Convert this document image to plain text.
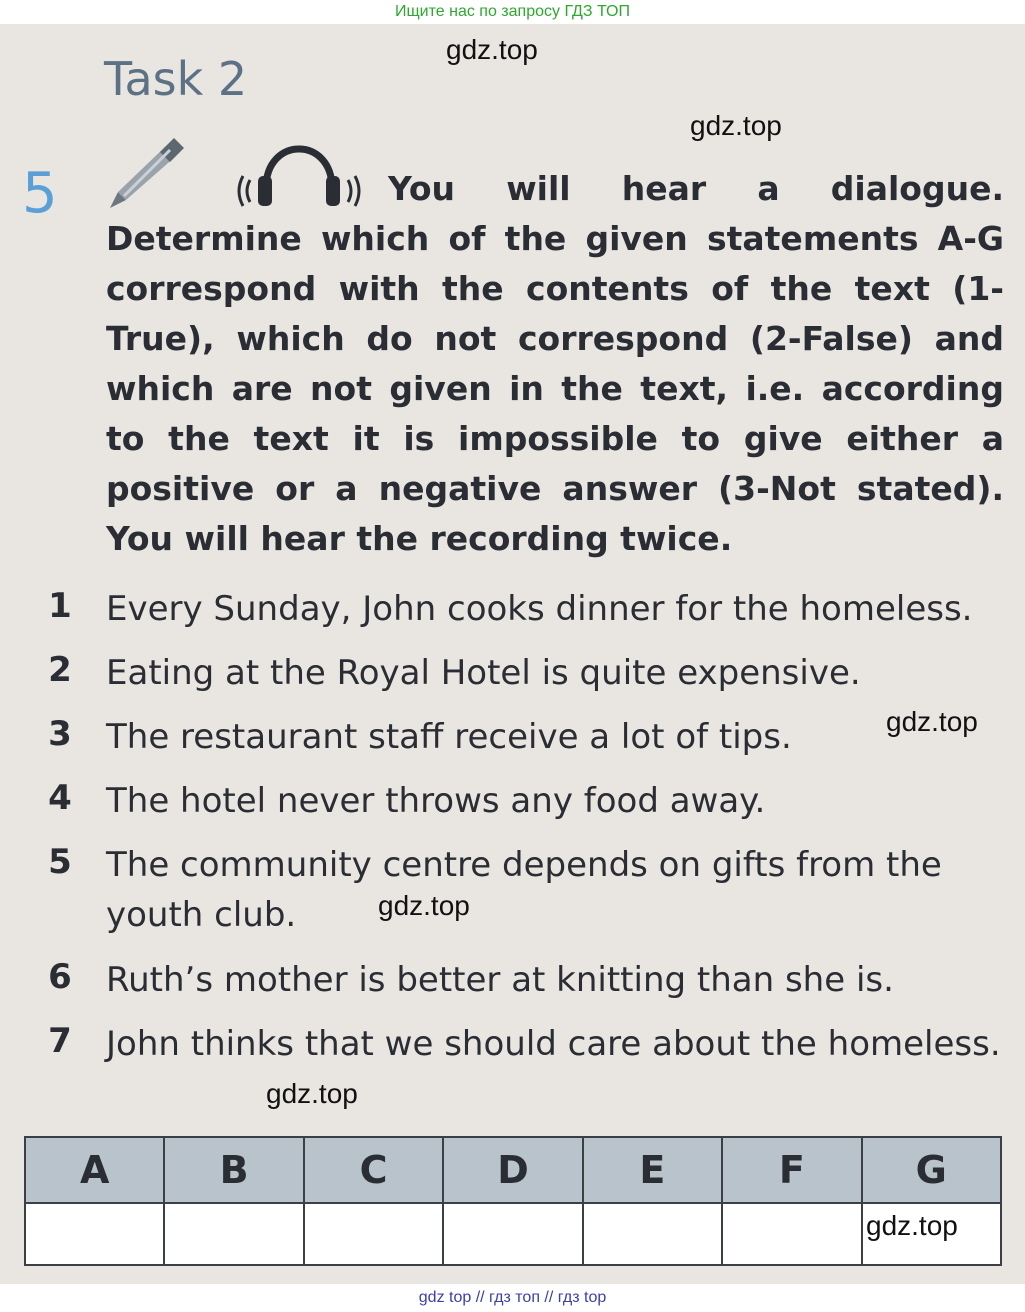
Ищите нас по запросу ГДЗ ТОП
Task 2
5	You will hear a dialogue. Determine which of the given statements A-G correspond with the contents of the text (1-True), which do not correspond (2-False) and which are not given in the text, i.e. according to the text it is impossible to give either a positive or a negative answer (3-Not stated). You will hear the recording twice.
1 Every Sunday, John cooks dinner for the homeless.
2 Eating at the Royal Hotel is quite expensive.
3 The restaurant staff receive a lot of tips.
4 The hotel never throws any food away.
5 The community centre depends on gifts from the youth club.
6 Ruth’s mother is better at knitting than she is.
7 John thinks that we should care about the homeless.
A	B	C	D	E	F	G

gdz.top
gdz.top
gdz.top
gdz.top
gdz.top
gdz.top
gdz top // гдз топ // гдз top
